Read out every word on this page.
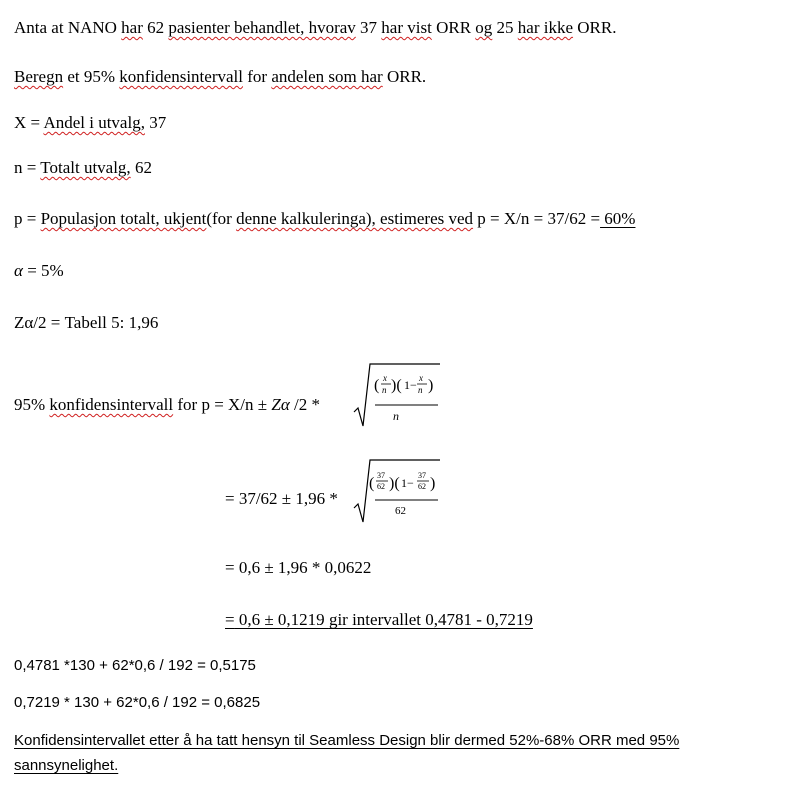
Anta at NANO har 62 pasienter behandlet, hvorav 37 har vist ORR og 25 har ikke ORR.
Beregn et 95% konfidensintervall for andelen som har ORR.
X = Andel i utvalg, 37
n = Totalt utvalg, 62
p = Populasjon totalt, ukjent(for denne kalkuleringa), estimeres ved p = X/n = 37/62 = 60%
α = 5%
Zα/2 = Tabell 5: 1,96
95% konfidensintervall for p = X/n ± Zα /2 *
( x
n )( 1− x
n )
n
= 37/62 ± 1,96 *
( 37
62 )( 1−
37
62 )
62
= 0,6 ± 1,96 * 0,0622
= 0,6 ± 0,1219 gir intervallet 0,4781 - 0,7219
0,4781 *130 + 62*0,6 / 192 = 0,5175
0,7219 * 130 + 62*0,6 / 192 = 0,6825
Konfidensintervallet etter å ha tatt hensyn til Seamless Design blir dermed 52%-68% ORR med 95%
sannsynelighet.
